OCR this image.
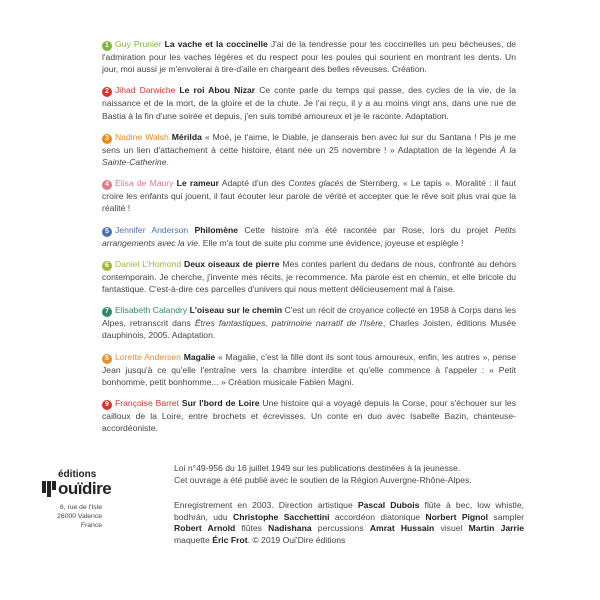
1 Guy Prunier La vache et la coccinelle J'ai de la tendresse pour les coccinelles un peu bécheuses, de l'admiration pour les vaches légères et du respect pour les poules qui sourient en montrant les dents. Un jour, moi aussi je m'envolerai à tire-d'aile en chargeant des belles rêveuses. Création.

2 Jihad Darwiche Le roi Abou Nizar Ce conte parle du temps qui passe, des cycles de la vie, de la naissance et de la mort, de la gloire et de la chute. Je l'ai reçu, il y a au moins vingt ans, dans une rue de Bastia à la fin d'une soirée et depuis, j'en suis tombé amoureux et je le raconte. Adaptation.

3 Nadine Walsh Mérilda « Moé, je t'aime, le Diable, je danserais ben avec lui sur du Santana ! Pis je me sens un lien d'attachement à cette histoire, étant née un 25 novembre ! » Adaptation de la légende À la Sainte-Catherine.

4 Elisa de Maury Le rameur Adapté d'un des Contes glacés de Sternberg, « Le tapis ». Moralité : il faut croire les enfants qui jouent, il faut écouter leur parole de vérité et accepter que le rêve soit plus vrai que la réalité !

5 Jennifer Anderson Philomène Cette histoire m'a été racontée par Rose, lors du projet Petits arrangements avec la vie. Elle m'a tout de suite plu comme une évidence, joyeuse et espiègle !

6 Daniel L'Homond Deux oiseaux de pierre Mes contes parlent du dedans de nous, confronté au dehors contemporain. Je cherche, j'invente mes récits, je recommence. Ma parole est en chemin, et elle bricole du fantastique. C'est-à-dire ces parcelles d'univers qui nous mettent délicieusement mal à l'aise.

7 Elisabeth Calandry L'oiseau sur le chemin C'est un récit de croyance collecté en 1958 à Corps dans les Alpes, retranscrit dans Êtres fantastiques, patrimoine narratif de l'Isère, Charles Joisten, éditions Musée dauphinois, 2005. Adaptation.

8 Lorette Andersen Magalie « Magalie, c'est la fille dont ils sont tous amoureux, enfin, les autres », pense Jean jusqu'à ce qu'elle l'entraîne vers la chambre interdite et qu'elle commence à l'appeler : « Petit bonhomme, petit bonhomme... » Création musicale Fabien Magni.

9 Françoise Barret Sur l'bord de Loire Une histoire qui a voyagé depuis la Corse, pour s'échouer sur les cailloux de la Loire, entre brochets et écrevisses. Un conte en duo avec Isabelle Bazin, chanteuse-accordéoniste.

éditions
ouïdire
6, rue de l'Isle
26000 Valence
France
Loi n°49-956 du 16 juillet 1949 sur les publications destinées à la jeunesse.
Cet ouvrage a été publié avec le soutien de la Région Auvergne-Rhône-Alpes.
Enregistrement en 2003. Direction artistique Pascal Dubois flûte à bec, low whistle, bodhrán, udu Christophe Sacchettini accordéon diatonique Norbert Pignol sampler Robert Arnold flûtes Nadishana percussions Amrat Hussain visuel Martin Jarrie maquette Éric Frot. © 2019 Oui'Dire éditions
